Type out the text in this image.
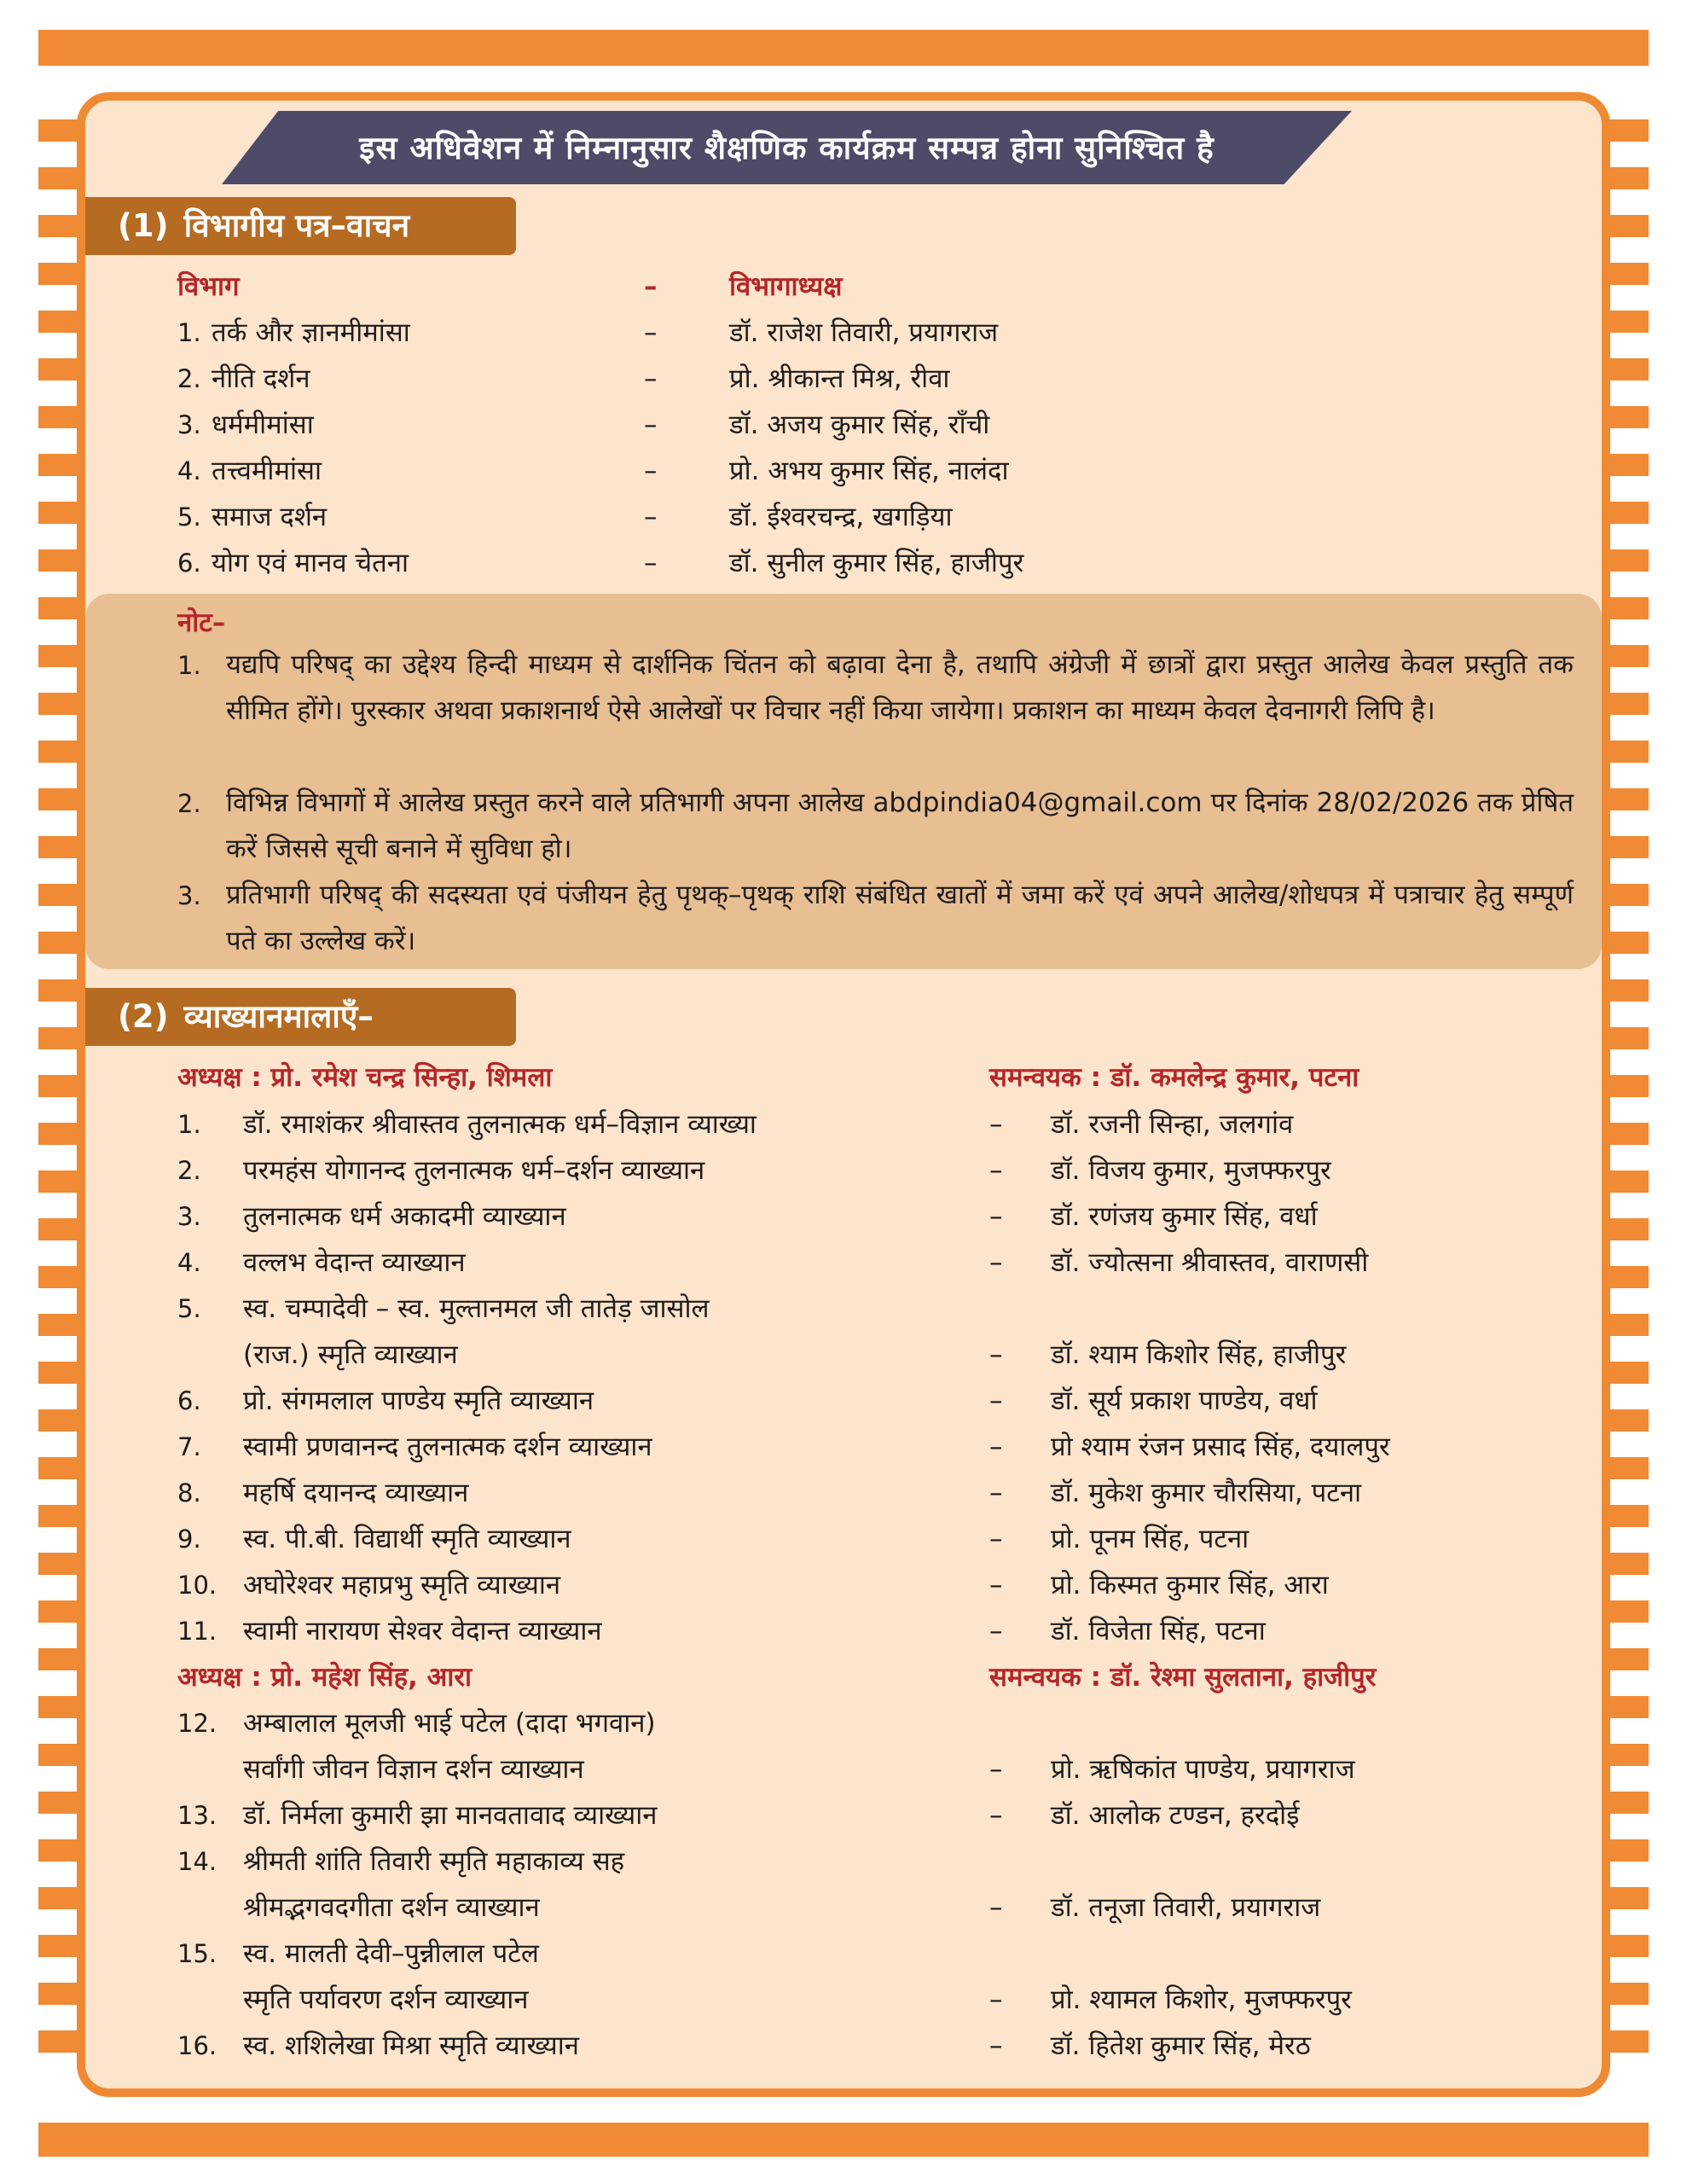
इस अधिवेशन में निम्नानुसार शैक्षणिक कार्यक्रम सम्पन्न होना सुनिश्चित है
(1) विभागीय पत्र–वाचन
विभाग	–	विभागाध्यक्ष
1. तर्क और ज्ञानमीमांसा	–	डॉ. राजेश तिवारी, प्रयागराज
2. नीति दर्शन	–	प्रो. श्रीकान्त मिश्र, रीवा
3. धर्ममीमांसा	–	डॉ. अजय कुमार सिंह, राँची
4. तत्त्वमीमांसा	–	प्रो. अभय कुमार सिंह, नालंदा
5. समाज दर्शन	–	डॉ. ईश्वरचन्द्र, खगड़िया
6. योग एवं मानव चेतना	–	डॉ. सुनील कुमार सिंह, हाजीपुर
नोट–
1. यद्यपि परिषद् का उद्देश्य हिन्दी माध्यम से दार्शनिक चिंतन को बढ़ावा देना है, तथापि अंग्रेजी में छात्रों द्वारा प्रस्तुत आलेख केवल प्रस्तुति तक सीमित होंगे। पुरस्कार अथवा प्रकाशनार्थ ऐसे आलेखों पर विचार नहीं किया जायेगा। प्रकाशन का माध्यम केवल देवनागरी लिपि है।
2. विभिन्न विभागों में आलेख प्रस्तुत करने वाले प्रतिभागी अपना आलेख abdpindia04@gmail.com पर दिनांक 28/02/2026 तक प्रेषित करें जिससे सूची बनाने में सुविधा हो।
3. प्रतिभागी परिषद् की सदस्यता एवं पंजीयन हेतु पृथक्–पृथक् राशि संबंधित खातों में जमा करें एवं अपने आलेख/शोधपत्र में पत्राचार हेतु सम्पूर्ण पते का उल्लेख करें।
(2) व्याख्यानमालाएँ–
अध्यक्ष : प्रो. रमेश चन्द्र सिन्हा, शिमला	समन्वयक : डॉ. कमलेन्द्र कुमार, पटना
1. डॉ. रमाशंकर श्रीवास्तव तुलनात्मक धर्म–विज्ञान व्याख्या	– डॉ. रजनी सिन्हा, जलगांव
2. परमहंस योगानन्द तुलनात्मक धर्म–दर्शन व्याख्यान	– डॉ. विजय कुमार, मुजफ्फरपुर
3. तुलनात्मक धर्म अकादमी व्याख्यान	– डॉ. रणंजय कुमार सिंह, वर्धा
4. वल्लभ वेदान्त व्याख्यान	– डॉ. ज्योत्सना श्रीवास्तव, वाराणसी
5. स्व. चम्पादेवी – स्व. मुल्तानमल जी तातेड़ जासोल
(राज.) स्मृति व्याख्यान	– डॉ. श्याम किशोर सिंह, हाजीपुर
6. प्रो. संगमलाल पाण्डेय स्मृति व्याख्यान	– डॉ. सूर्य प्रकाश पाण्डेय, वर्धा
7. स्वामी प्रणवानन्द तुलनात्मक दर्शन व्याख्यान	– प्रो श्याम रंजन प्रसाद सिंह, दयालपुर
8. महर्षि दयानन्द व्याख्यान	– डॉ. मुकेश कुमार चौरसिया, पटना
9. स्व. पी.बी. विद्यार्थी स्मृति व्याख्यान	– प्रो. पूनम सिंह, पटना
10. अघोरेश्वर महाप्रभु स्मृति व्याख्यान	– प्रो. किस्मत कुमार सिंह, आरा
11. स्वामी नारायण सेश्वर वेदान्त व्याख्यान	– डॉ. विजेता सिंह, पटना
अध्यक्ष : प्रो. महेश सिंह, आरा	समन्वयक : डॉ. रेश्मा सुलताना, हाजीपुर
12. अम्बालाल मूलजी भाई पटेल (दादा भगवान)
सर्वांगी जीवन विज्ञान दर्शन व्याख्यान	– प्रो. ऋषिकांत पाण्डेय, प्रयागराज
13. डॉ. निर्मला कुमारी झा मानवतावाद व्याख्यान	– डॉ. आलोक टण्डन, हरदोई
14. श्रीमती शांति तिवारी स्मृति महाकाव्य सह
श्रीमद्भगवदगीता दर्शन व्याख्यान	– डॉ. तनूजा तिवारी, प्रयागराज
15. स्व. मालती देवी–पुन्नीलाल पटेल
स्मृति पर्यावरण दर्शन व्याख्यान	– प्रो. श्यामल किशोर, मुजफ्फरपुर
16. स्व. शशिलेखा मिश्रा स्मृति व्याख्यान	– डॉ. हितेश कुमार सिंह, मेरठ
